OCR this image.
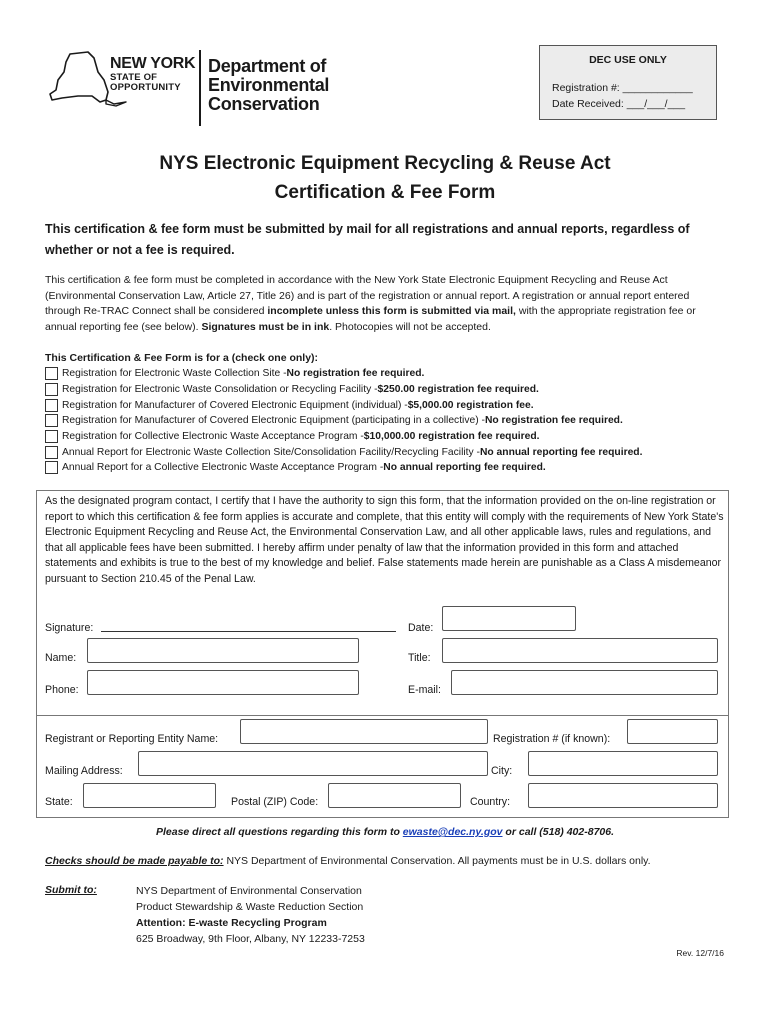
NEW YORK
STATE OF OPPORTUNITY
Department of Environmental Conservation
DEC USE ONLY
Registration #: ____________
Date Received: ___/___/___
NYS Electronic Equipment Recycling & Reuse Act
Certification & Fee Form
This certification & fee form must be submitted by mail for all registrations and annual reports, regardless of whether or not a fee is required.
This certification & fee form must be completed in accordance with the New York State Electronic Equipment Recycling and Reuse Act (Environmental Conservation Law, Article 27, Title 26) and is part of the registration or annual report. A registration or annual report entered through Re-TRAC Connect shall be considered incomplete unless this form is submitted via mail, with the appropriate registration fee or annual reporting fee (see below). Signatures must be in ink. Photocopies will not be accepted.
This Certification & Fee Form is for a (check one only):
Registration for Electronic Waste Collection Site - No registration fee required.
Registration for Electronic Waste Consolidation or Recycling Facility - $250.00 registration fee required.
Registration for Manufacturer of Covered Electronic Equipment (individual) - $5,000.00 registration fee.
Registration for Manufacturer of Covered Electronic Equipment (participating in a collective) - No registration fee required.
Registration for Collective Electronic Waste Acceptance Program - $10,000.00 registration fee required.
Annual Report for Electronic Waste Collection Site/Consolidation Facility/Recycling Facility - No annual reporting fee required.
Annual Report for a Collective Electronic Waste Acceptance Program - No annual reporting fee required.
As the designated program contact, I certify that I have the authority to sign this form, that the information provided on the on-line registration or report to which this certification & fee form applies is accurate and complete, that this entity will comply with the requirements of New York State's Electronic Equipment Recycling and Reuse Act, the Environmental Conservation Law, and all other applicable laws, rules and regulations, and that all applicable fees have been submitted. I hereby affirm under penalty of law that the information provided in this form and attached statements and exhibits is true to the best of my knowledge and belief. False statements made herein are punishable as a Class A misdemeanor pursuant to Section 210.45 of the Penal Law.
Signature:	Date:
Name:	Title:
Phone:	E-mail:
Registrant or Reporting Entity Name:	Registration # (if known):
Mailing Address:	City:
State:	Postal (ZIP) Code:	Country:
Please direct all questions regarding this form to ewaste@dec.ny.gov or call (518) 402-8706.
Checks should be made payable to: NYS Department of Environmental Conservation. All payments must be in U.S. dollars only.
Submit to:	NYS Department of Environmental Conservation
Product Stewardship & Waste Reduction Section
Attention: E-waste Recycling Program
625 Broadway, 9th Floor, Albany, NY 12233-7253
Rev. 12/7/16
